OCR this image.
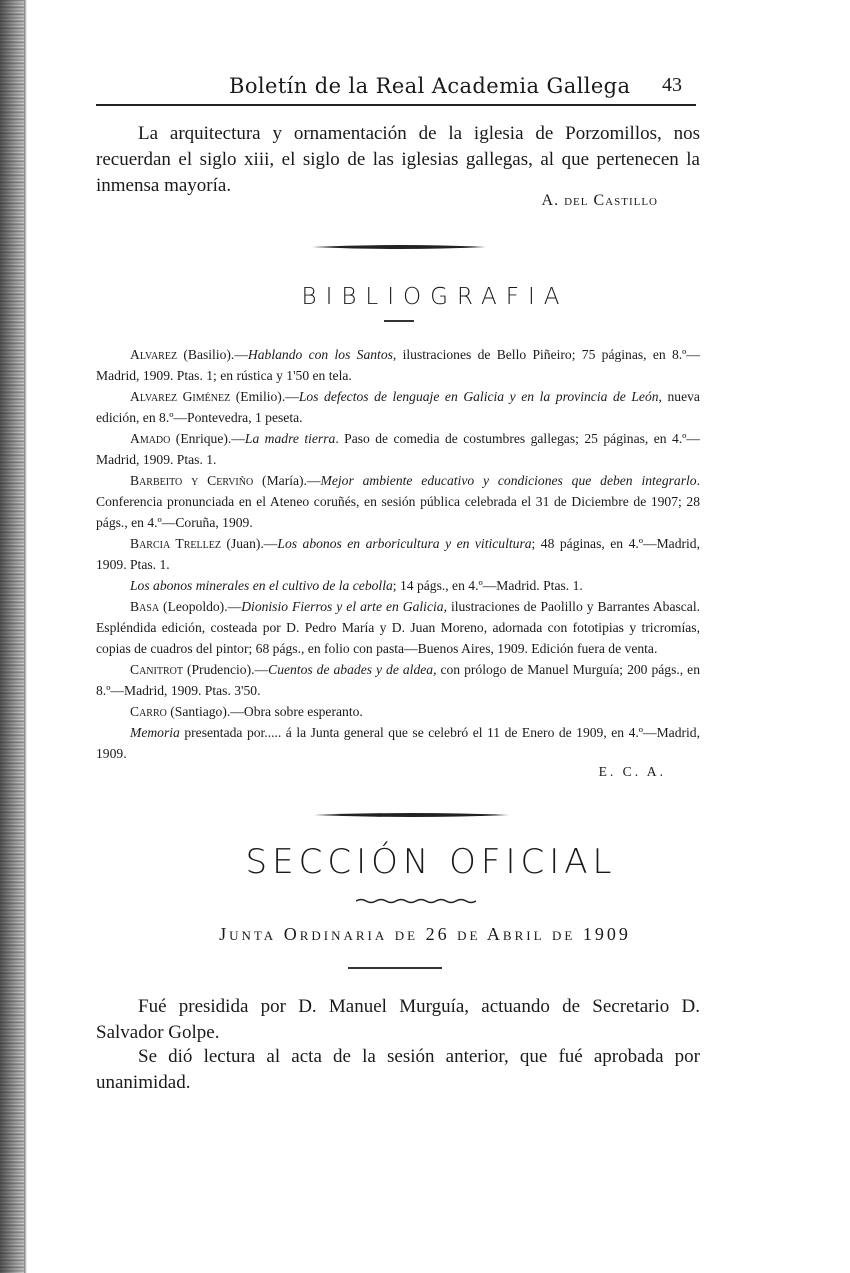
Boletín de la Real Academia Gallega 43
La arquitectura y ornamentación de la iglesia de Porzomillos, nos recuerdan el siglo xiii, el siglo de las iglesias gallegas, al que pertenecen la inmensa mayoría.
A. del Castillo
BIBLIOGRAFIA

Alvarez (Basilio).—Hablando con los Santos, ilustraciones de Bello Piñeiro; 75 páginas, en 8.º—Madrid, 1909. Ptas. 1; en rústica y 1'50 en tela.

Alvarez Giménez (Emilio).—Los defectos de lenguaje en Galicia y en la provincia de León, nueva edición, en 8.º—Pontevedra, 1 peseta.

Amado (Enrique).—La madre tierra. Paso de comedia de costumbres gallegas; 25 páginas, en 4.º—Madrid, 1909. Ptas. 1.

Barbeito y Cerviño (María).—Mejor ambiente educativo y condiciones que deben integrarlo. Conferencia pronunciada en el Ateneo coruñés, en sesión pública celebrada el 31 de Diciembre de 1907; 28 págs., en 4.º—Coruña, 1909.

Barcia Trellez (Juan).—Los abonos en arboricultura y en viticultura; 48 páginas, en 4.º—Madrid, 1909. Ptas. 1.

Los abonos minerales en el cultivo de la cebolla; 14 págs., en 4.º—Madrid. Ptas. 1.

Basa (Leopoldo).—Dionisio Fierros y el arte en Galicia, ilustraciones de Paolillo y Barrantes Abascal. Espléndida edición, costeada por D. Pedro María y D. Juan Moreno, adornada con fototipias y tricromías, copias de cuadros del pintor; 68 págs., en folio con pasta—Buenos Aires, 1909. Edición fuera de venta.

Canitrot (Prudencio).—Cuentos de abades y de aldea, con prólogo de Manuel Murguía; 200 págs., en 8.º—Madrid, 1909. Ptas. 3'50.

Carro (Santiago).—Obra sobre esperanto.

Memoria presentada por..... á la Junta general que se celebró el 11 de Enero de 1909, en 4.º—Madrid, 1909.

E. C. A.
SECCIÓN OFICIAL
Junta Ordinaria de 26 de Abril de 1909
Fué presidida por D. Manuel Murguía, actuando de Secretario D. Salvador Golpe.
Se dió lectura al acta de la sesión anterior, que fué aprobada por unanimidad.
